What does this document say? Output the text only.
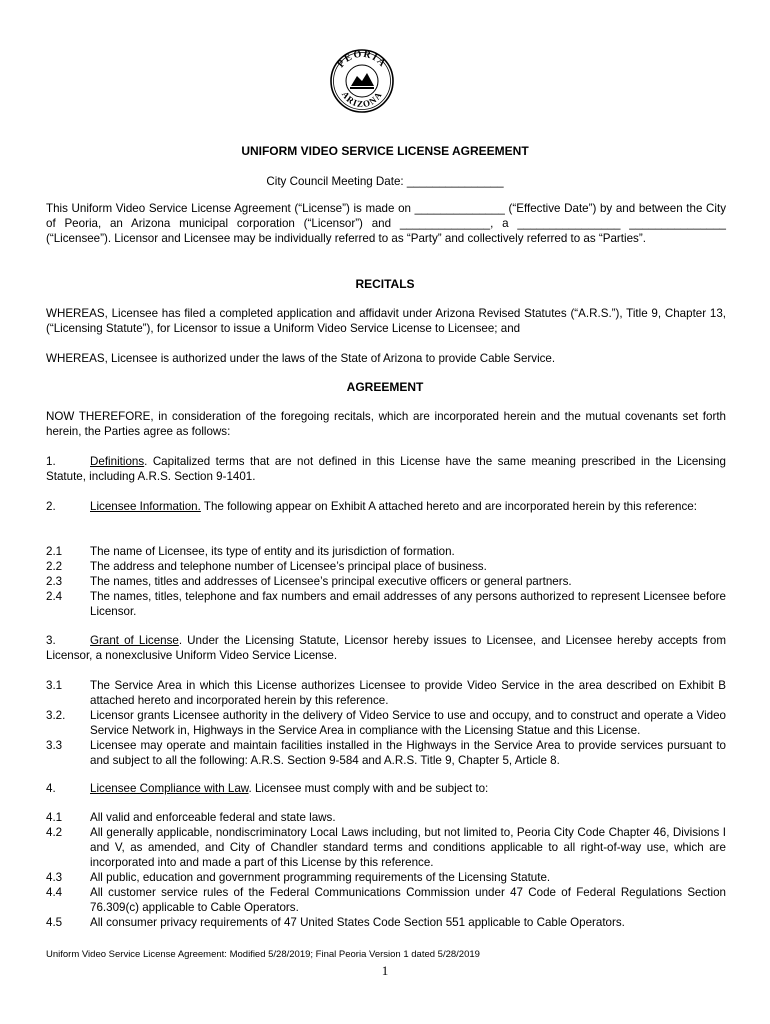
PEORIA
ARIZONA
UNIFORM VIDEO SERVICE LICENSE AGREEMENT
City Council Meeting Date: _______________
This Uniform Video Service License Agreement (“License”) is made on ______________ (“Effective Date”) by and between the City of Peoria, an Arizona municipal corporation (“Licensor”) and ______________, a ________________ _______________ (“Licensee”). Licensor and Licensee may be individually referred to as “Party” and collectively referred to as “Parties”.
RECITALS
WHEREAS, Licensee has filed a completed application and affidavit under Arizona Revised Statutes (“A.R.S.”), Title 9, Chapter 13, (“Licensing Statute”), for Licensor to issue a Uniform Video Service License to Licensee; and
WHEREAS, Licensee is authorized under the laws of the State of Arizona to provide Cable Service.
AGREEMENT
NOW THEREFORE, in consideration of the foregoing recitals, which are incorporated herein and the mutual covenants set forth herein, the Parties agree as follows:
1.	Definitions. Capitalized terms that are not defined in this License have the same meaning prescribed in the Licensing Statute, including A.R.S. Section 9-1401.
2.	Licensee Information. The following appear on Exhibit A attached hereto and are incorporated herein by this reference:
2.1	The name of Licensee, its type of entity and its jurisdiction of formation.
2.2	The address and telephone number of Licensee’s principal place of business.
2.3	The names, titles and addresses of Licensee’s principal executive officers or general partners.
2.4	The names, titles, telephone and fax numbers and email addresses of any persons authorized to represent Licensee before Licensor.
3.	Grant of License. Under the Licensing Statute, Licensor hereby issues to Licensee, and Licensee hereby accepts from Licensor, a nonexclusive Uniform Video Service License.
3.1	The Service Area in which this License authorizes Licensee to provide Video Service in the area described on Exhibit B attached hereto and incorporated herein by this reference.
3.2.	Licensor grants Licensee authority in the delivery of Video Service to use and occupy, and to construct and operate a Video Service Network in, Highways in the Service Area in compliance with the Licensing Statue and this License.
3.3	Licensee may operate and maintain facilities installed in the Highways in the Service Area to provide services pursuant to and subject to all the following: A.R.S. Section 9-584 and A.R.S. Title 9, Chapter 5, Article 8.
4.	Licensee Compliance with Law. Licensee must comply with and be subject to:
4.1	All valid and enforceable federal and state laws.
4.2	All generally applicable, nondiscriminatory Local Laws including, but not limited to, Peoria City Code Chapter 46, Divisions I and V, as amended, and City of Chandler standard terms and conditions applicable to all right-of-way use, which are incorporated into and made a part of this License by this reference.
4.3	All public, education and government programming requirements of the Licensing Statute.
4.4	All customer service rules of the Federal Communications Commission under 47 Code of Federal Regulations Section 76.309(c) applicable to Cable Operators.
4.5	All consumer privacy requirements of 47 United States Code Section 551 applicable to Cable Operators.
Uniform Video Service License Agreement: Modified 5/28/2019; Final Peoria Version 1 dated 5/28/2019
1
